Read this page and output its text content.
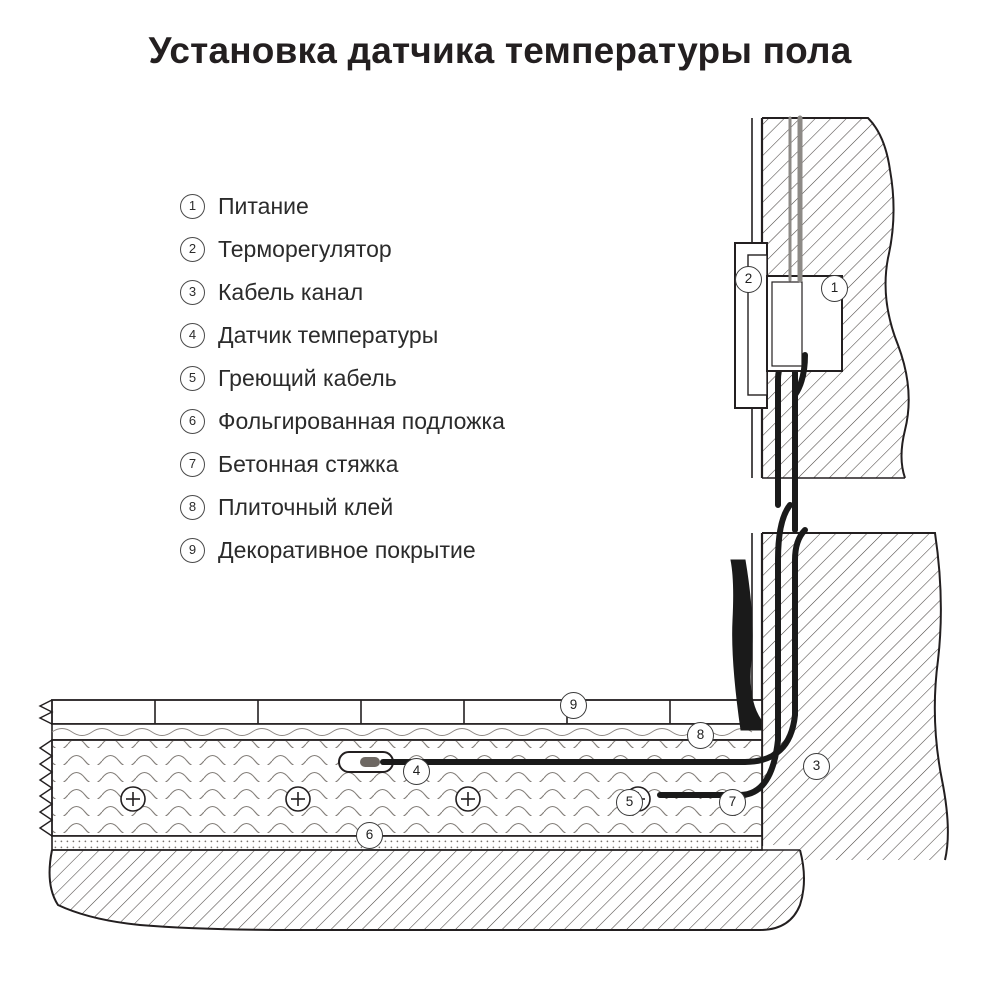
Установка датчика температуры пола
1 Питание
2 Терморегулятор
3 Кабель канал
4 Датчик температуры
5 Греющий кабель
6 Фольгированная подложка
7 Бетонная стяжка
8 Плиточный клей
9 Декоративное покрытие
1
2
3
4
5
6
7
8
9
